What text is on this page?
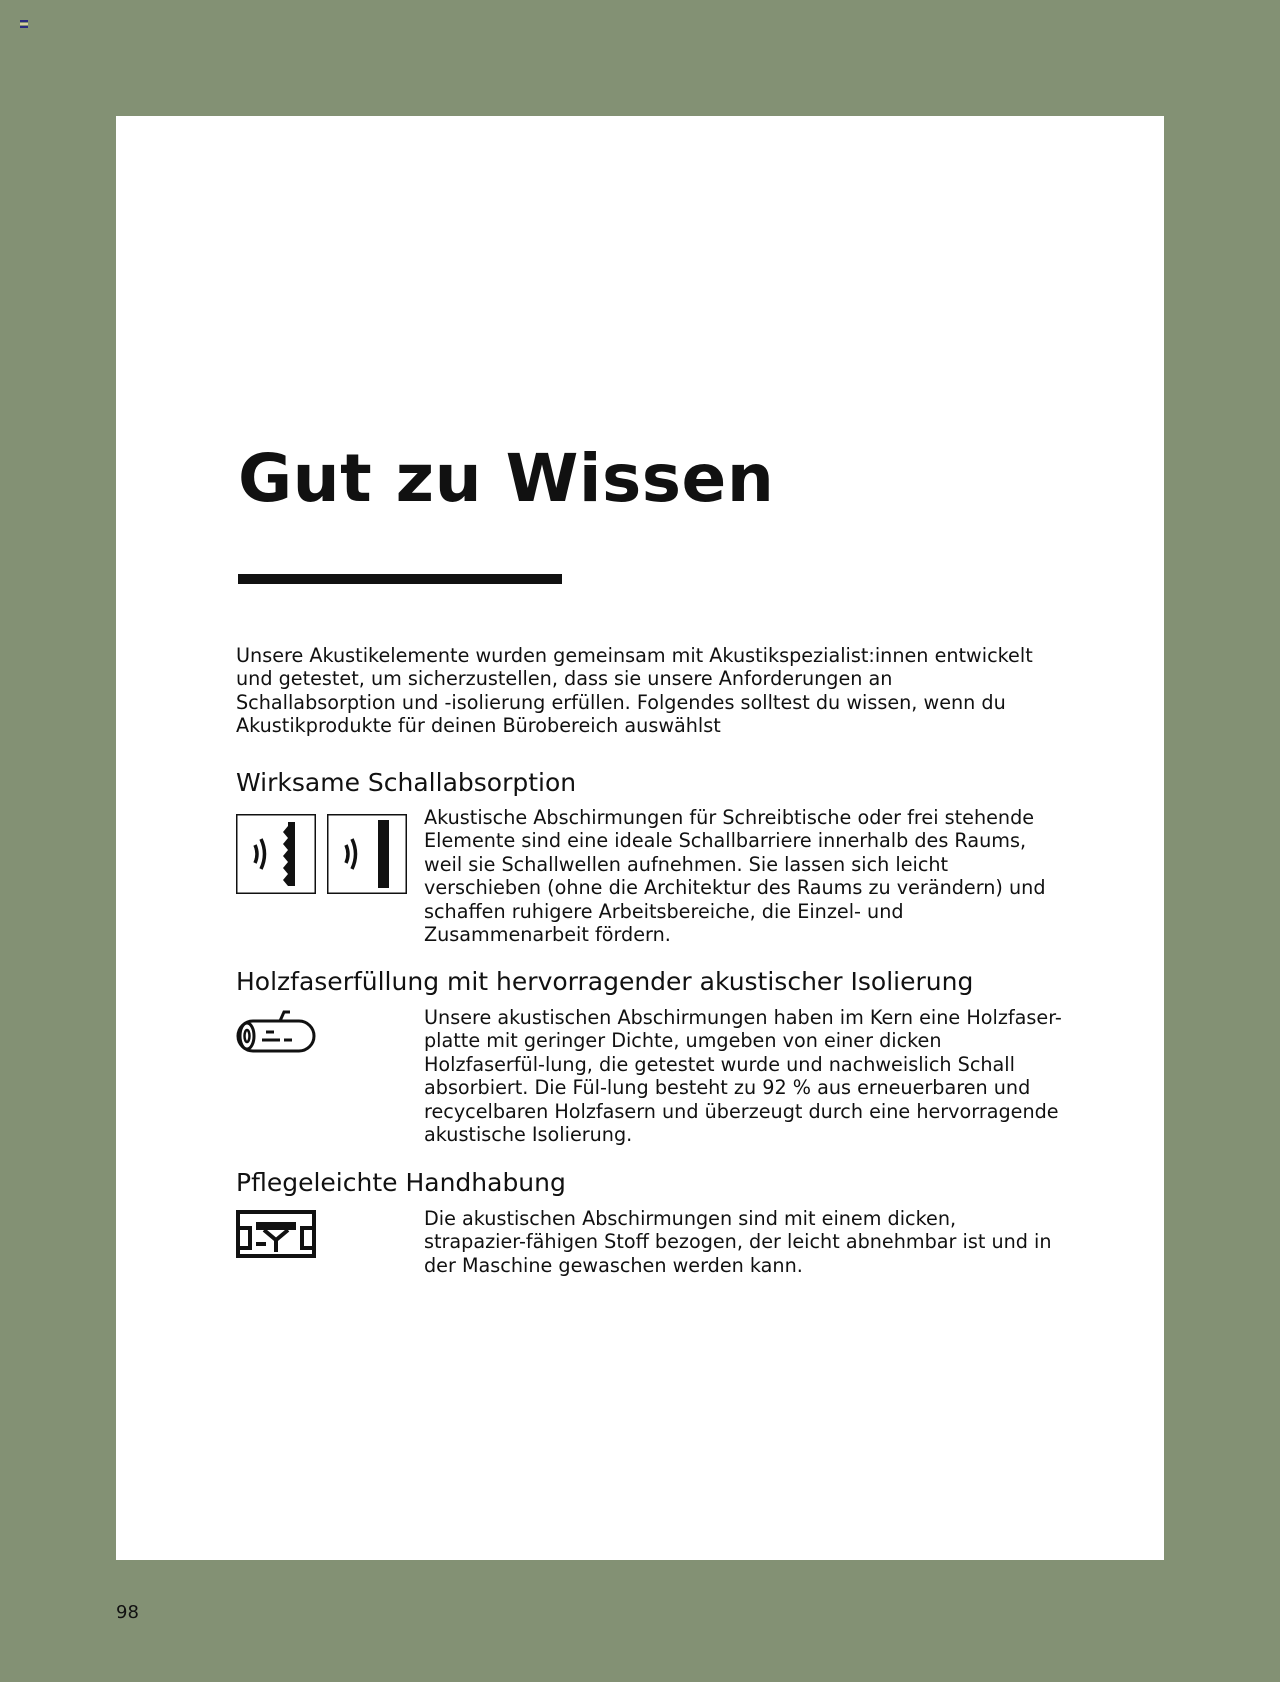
Gut zu Wissen

Unsere Akustikelemente wurden gemeinsam mit Akustikspezialist:innen entwickelt und getestet, um sicherzustellen, dass sie unsere Anforderungen an Schallabsorption und -isolierung erfüllen. Folgendes solltest du wissen, wenn du Akustikprodukte für deinen Bürobereich auswählst

Wirksame Schallabsorption

Akustische Abschirmungen für Schreibtische oder frei stehende Elemente sind eine ideale Schallbarriere innerhalb des Raums, weil sie Schallwellen aufnehmen. Sie lassen sich leicht verschieben (ohne die Architektur des Raums zu verändern) und schaffen ruhigere Arbeitsbereiche, die Einzel- und Zusammenarbeit fördern.

Holzfaserfüllung mit hervorragender akustischer Isolierung

Unsere akustischen Abschirmungen haben im Kern eine Holzfaser-platte mit geringer Dichte, umgeben von einer dicken Holzfaserfül-lung, die getestet wurde und nachweislich Schall absorbiert. Die Fül-lung besteht zu 92 % aus erneuerbaren und recycelbaren Holzfasern und überzeugt durch eine hervorragende akustische Isolierung.

Pflegeleichte Handhabung

Die akustischen Abschirmungen sind mit einem dicken, strapazier-fähigen Stoff bezogen, der leicht abnehmbar ist und in der Maschine gewaschen werden kann.

98
